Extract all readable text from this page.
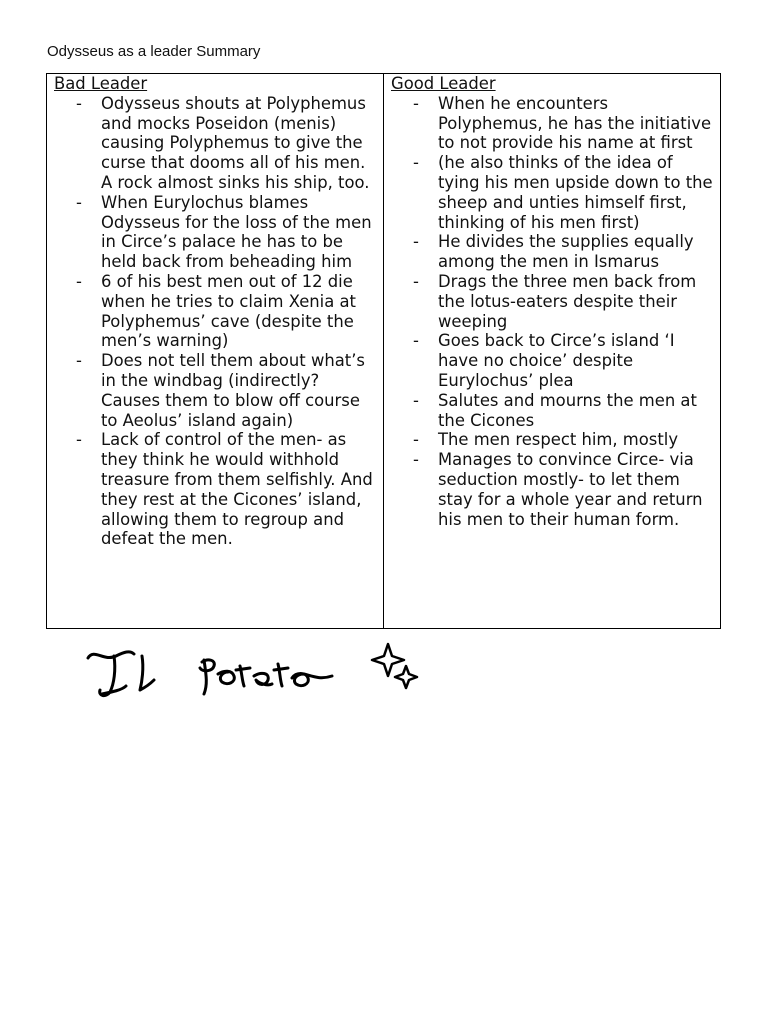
Odysseus as a leader Summary
Bad Leader
- Odysseus shouts at Polyphemus and mocks Poseidon (menis) causing Polyphemus to give the curse that dooms all of his men. A rock almost sinks his ship, too.
- When Eurylochus blames Odysseus for the loss of the men in Circe’s palace he has to be held back from beheading him
- 6 of his best men out of 12 die when he tries to claim Xenia at Polyphemus’ cave (despite the men’s warning)
- Does not tell them about what’s in the windbag (indirectly? Causes them to blow off course to Aeolus’ island again)
- Lack of control of the men- as they think he would withhold treasure from them selfishly. And they rest at the Cicones’ island, allowing them to regroup and defeat the men.
Good Leader
- When he encounters Polyphemus, he has the initiative to not provide his name at first
- (he also thinks of the idea of tying his men upside down to the sheep and unties himself first, thinking of his men first)
- He divides the supplies equally among the men in Ismarus
- Drags the three men back from the lotus-eaters despite their weeping
- Goes back to Circe’s island ‘I have no choice’ despite Eurylochus’ plea
- Salutes and mourns the men at the Cicones
- The men respect him, mostly
- Manages to convince Circe- via seduction mostly- to let them stay for a whole year and return his men to their human form.
